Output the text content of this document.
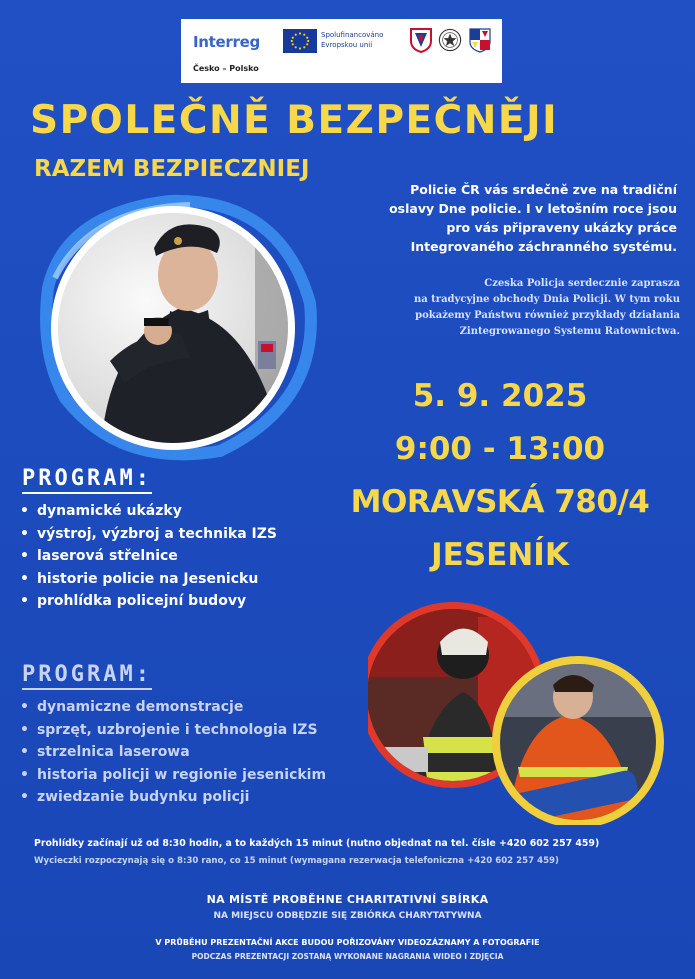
Interreg
Česko – Polsko
Spolufinancováno
Evropskou unií
SPOLEČNĚ BEZPEČNĚJI
RAZEM BEZPIECZNIEJ
Policie ČR vás srdečně zve na tradiční
oslavy Dne policie. I v letošním roce jsou
pro vás připraveny ukázky práce
Integrovaného záchranného systému.
Czeska Policja serdecznie zaprasza
na tradycyjne obchody Dnia Policji. W tym roku
pokażemy Państwu również przykłady działania
Zintegrowanego Systemu Ratownictwa.
5. 9. 2025
9:00 - 13:00
MORAVSKÁ 780/4
JESENÍK
PROGRAM:
• dynamické ukázky
• výstroj, výzbroj a technika IZS
• laserová střelnice
• historie policie na Jesenicku
• prohlídka policejní budovy
PROGRAM:
• dynamiczne demonstracje
• sprzęt, uzbrojenie i technologia IZS
• strzelnica laserowa
• historia policji w regionie jesenickim
• zwiedzanie budynku policji
Prohlídky začínají už od 8:30 hodin, a to každých 15 minut (nutno objednat na tel. čísle +420 602 257 459)
Wycieczki rozpoczynają się o 8:30 rano, co 15 minut (wymagana rezerwacja telefoniczna +420 602 257 459)
NA MÍSTĚ PROBĚHNE CHARITATIVNÍ SBÍRKA
NA MIEJSCU ODBĘDZIE SIĘ ZBIÓRKA CHARYTATYWNA
V PRŮBĚHU PREZENTAČNÍ AKCE BUDOU POŘIZOVÁNY VIDEOZÁZNAMY A FOTOGRAFIE
PODCZAS PREZENTACJI ZOSTANĄ WYKONANE NAGRANIA WIDEO I ZDJĘCIA
